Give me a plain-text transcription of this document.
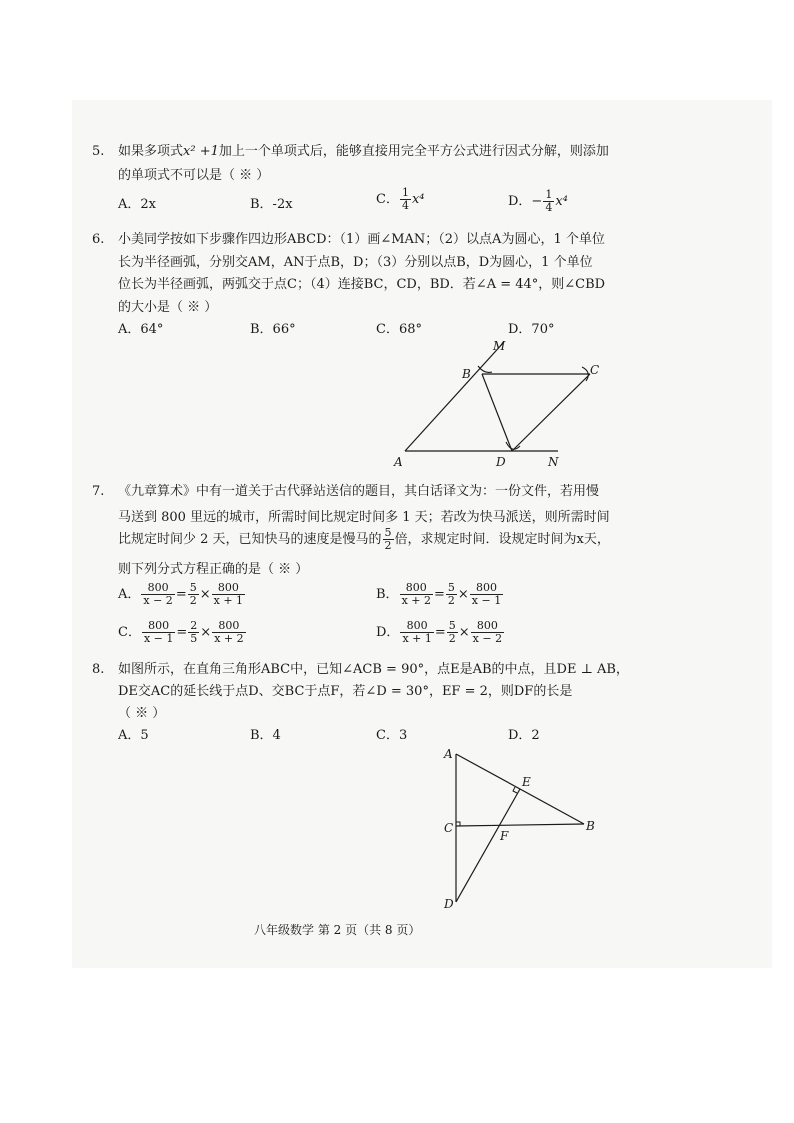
5. 如果多项式x² +1加上一个单项式后，能够直接用完全平方公式进行因式分解，则添加
的单项式不可以是（ ※ ）
A．2x	B．-2x	C． $\frac{1}{4} x^4$	D．− $\frac{1}{4} x^4$
6. 小美同学按如下步骤作四边形ABCD：（1）画∠MAN；（2）以点A为圆心，1 个单位
长为半径画弧，分别交AM，AN于点B，D；（3）分别以点B，D为圆心，1 个单位
位长为半径画弧，两弧交于点C；（4）连接BC，CD，BD．若∠A = 44°，则∠CBD
的大小是（ ※ ）
A．64°	B．66°	C．68°	D．70°
M
B	C
A	D	N
7. 《九章算术》中有一道关于古代驿站送信的题目，其白话译文为：一份文件，若用慢
马送到 800 里远的城市，所需时间比规定时间多 1 天；若改为快马派送，则所需时间
比规定时间少 2 天，已知快马的速度是慢马的 $\frac{5}{2}$ 倍，求规定时间．设规定时间为x天，
则下列分式方程正确的是（ ※ ）
A． $\frac{800}{x - 2} = \frac{5}{2} \times \frac{800}{x + 1}$	B． $\frac{800}{x + 2} = \frac{5}{2} \times \frac{800}{x - 1}$
C． $\frac{800}{x - 1} = \frac{2}{5} \times \frac{800}{x + 2}$	D． $\frac{800}{x + 1} = \frac{5}{2} \times \frac{800}{x - 2}$
8. 如图所示，在直角三角形ABC中，已知∠ACB = 90°，点E是AB的中点，且DE ⊥ AB，
DE交AC的延长线于点D、交BC于点F，若∠D = 30°，EF = 2，则DF的长是
（ ※ ）
A．5	B．4	C．3	D．2
A
E
C
F
B
D
八年级数学 第 2 页（共 8 页）
